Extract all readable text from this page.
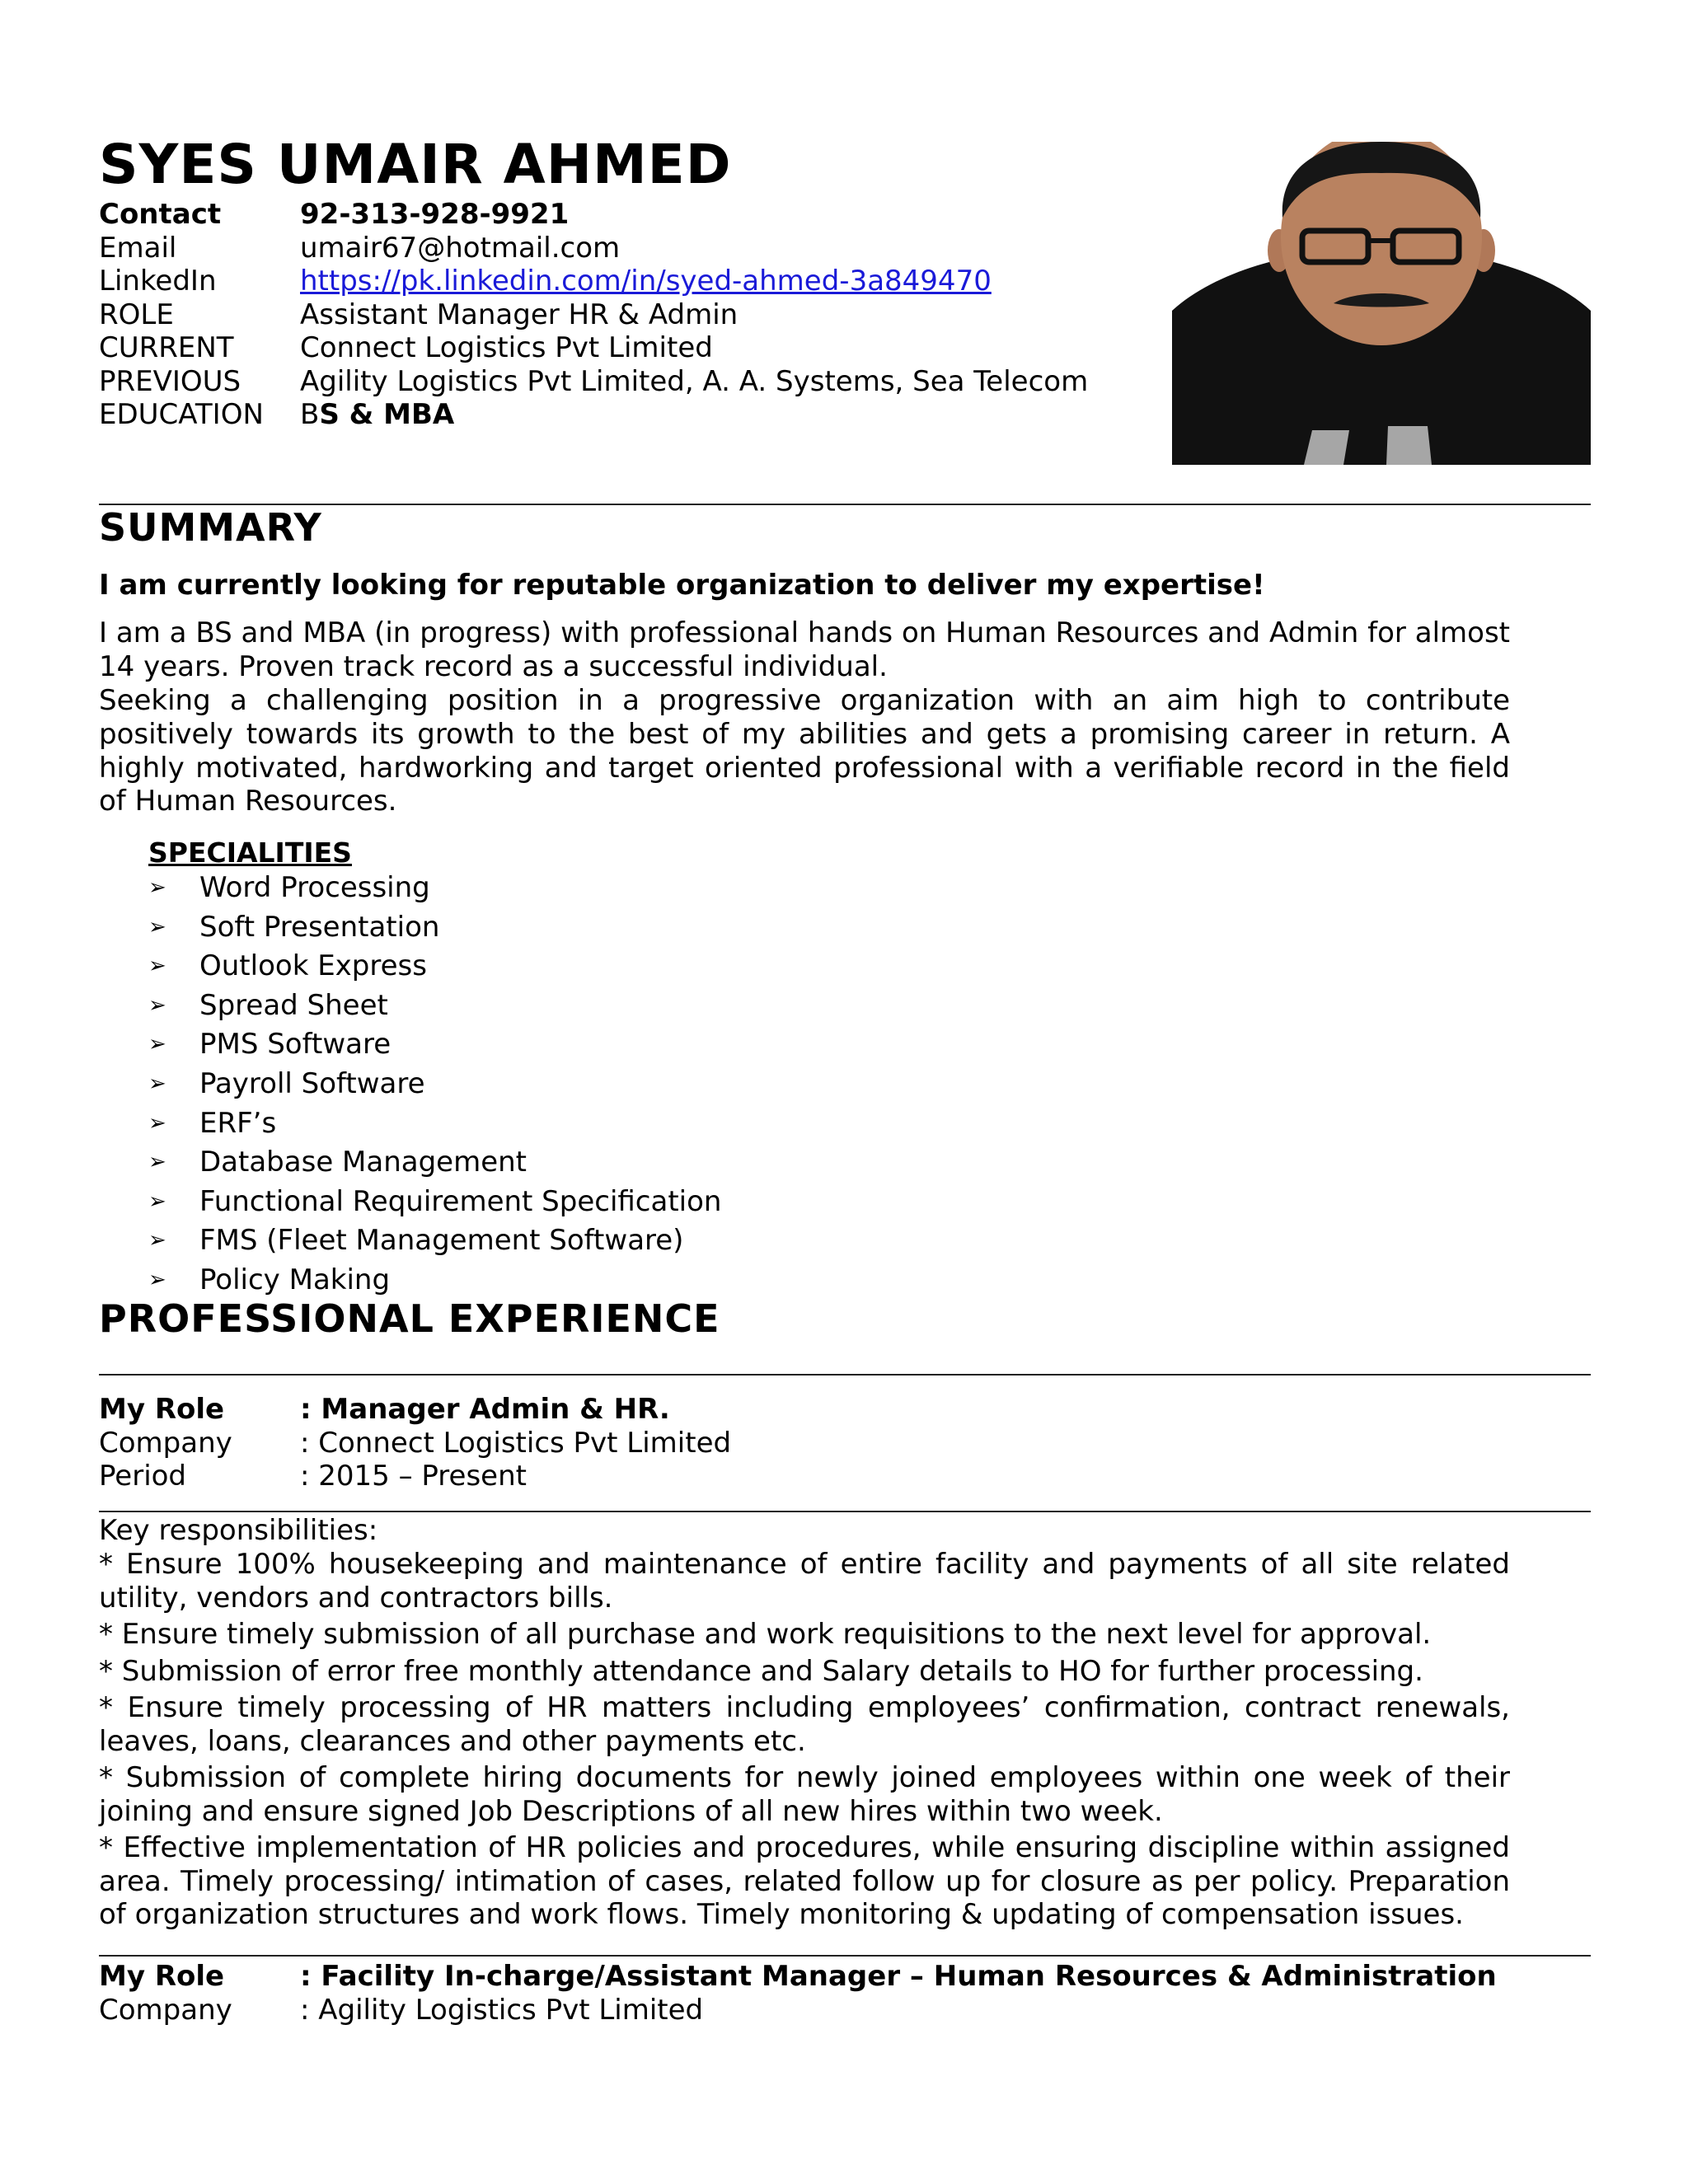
SYES UMAIR AHMED
Contact	92-313-928-9921
Email	umair67@hotmail.com
LinkedIn	https://pk.linkedin.com/in/syed-ahmed-3a849470
ROLE	Assistant Manager HR & Admin
CURRENT	Connect Logistics Pvt Limited
PREVIOUS	Agility Logistics Pvt Limited, A. A. Systems, Sea Telecom
EDUCATION	BS & MBA
SUMMARY
I am currently looking for reputable organization to deliver my expertise!
I am a BS and MBA (in progress) with professional hands on Human Resources and Admin for almost 14 years. Proven track record as a successful individual.
Seeking a challenging position in a progressive organization with an aim high to contribute positively towards its growth to the best of my abilities and gets a promising career in return. A highly motivated, hardworking and target oriented professional with a verifiable record in the field of Human Resources.
SPECIALITIES
➢	Word Processing
➢	Soft Presentation
➢	Outlook Express
➢	Spread Sheet
➢	PMS Software
➢	Payroll Software
➢	ERF’s
➢	Database Management
➢	Functional Requirement Specification
➢	FMS (Fleet Management Software)
➢	Policy Making
PROFESSIONAL EXPERIENCE
My Role	: Manager Admin & HR.
Company	: Connect Logistics Pvt Limited
Period	: 2015 – Present
Key responsibilities:
* Ensure 100% housekeeping and maintenance of entire facility and payments of all site related utility, vendors and contractors bills.
* Ensure timely submission of all purchase and work requisitions to the next level for approval.
* Submission of error free monthly attendance and Salary details to HO for further processing.
* Ensure timely processing of HR matters including employees’ confirmation, contract renewals, leaves, loans, clearances and other payments etc.
* Submission of complete hiring documents for newly joined employees within one week of their joining and ensure signed Job Descriptions of all new hires within two week.
* Effective implementation of HR policies and procedures, while ensuring discipline within assigned area. Timely processing/ intimation of cases, related follow up for closure as per policy. Preparation of organization structures and work flows. Timely monitoring & updating of compensation issues.
My Role	: Facility In-charge/Assistant Manager – Human Resources & Administration
Company	: Agility Logistics Pvt Limited
